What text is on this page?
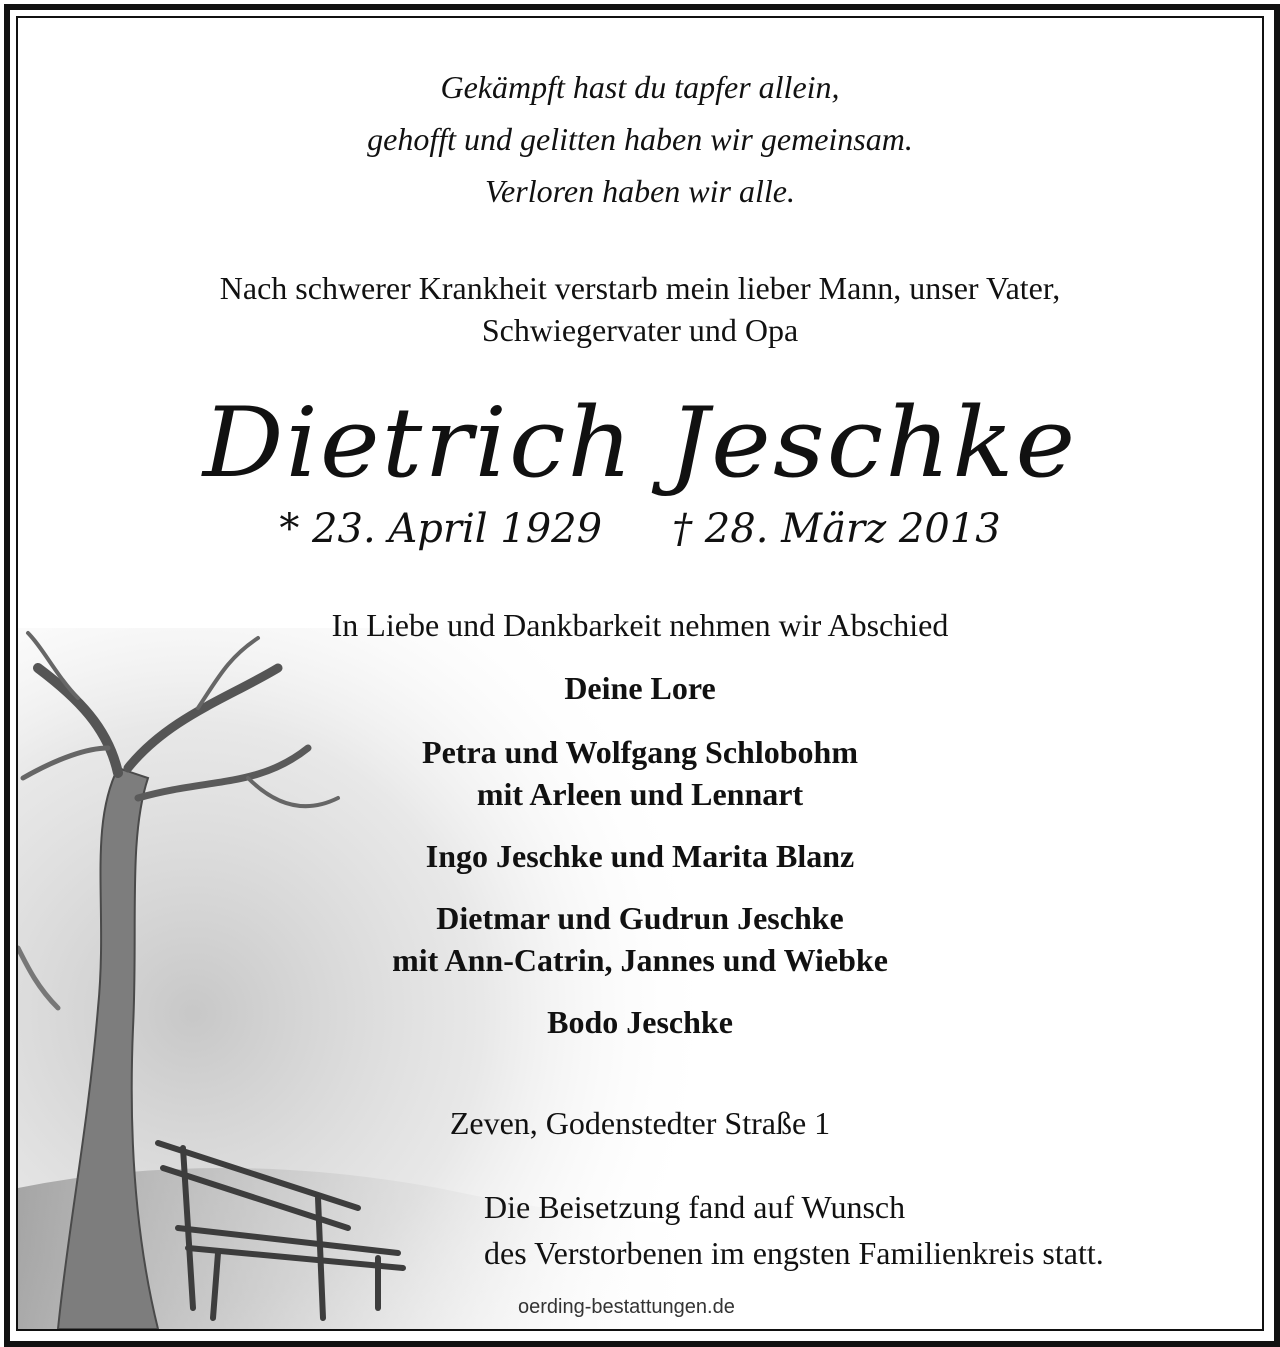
Gekämpft hast du tapfer allein,
gehofft und gelitten haben wir gemeinsam.
Verloren haben wir alle.
Nach schwerer Krankheit verstarb mein lieber Mann, unser Vater,
Schwiegervater und Opa
Dietrich Jeschke
* 23. April 1929 † 28. März 2013
In Liebe und Dankbarkeit nehmen wir Abschied
Deine Lore
Petra und Wolfgang Schlobohm
mit Arleen und Lennart
Ingo Jeschke und Marita Blanz
Dietmar und Gudrun Jeschke
mit Ann-Catrin, Jannes und Wiebke
Bodo Jeschke
Zeven, Godenstedter Straße 1
Die Beisetzung fand auf Wunsch
des Verstorbenen im engsten Familienkreis statt.
oerding-bestattungen.de
